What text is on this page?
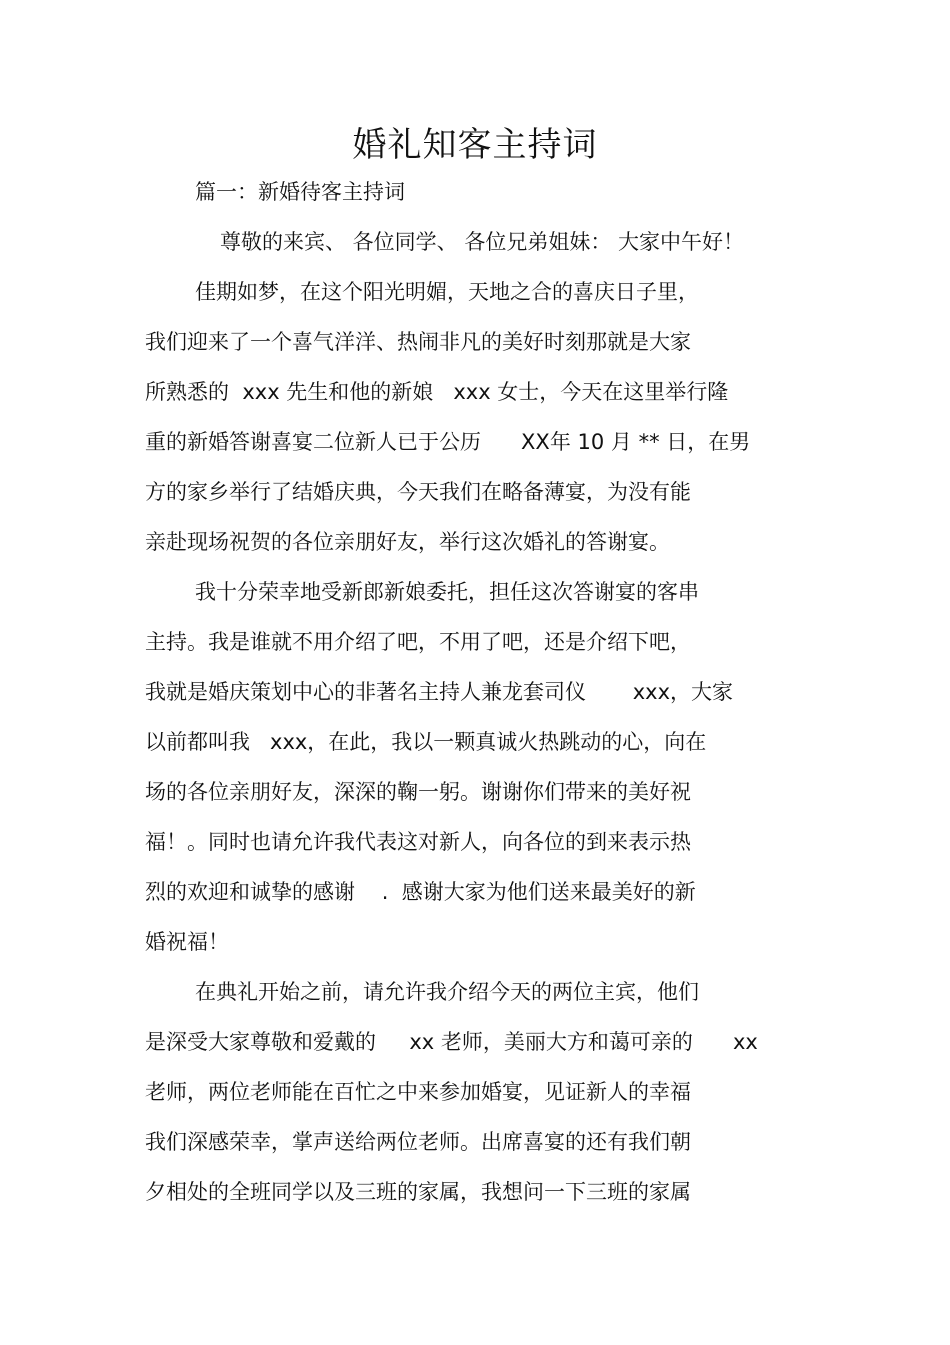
婚礼知客主持词
篇一：新婚待客主持词
尊敬的来宾、 各位同学、 各位兄弟姐妹： 大家中午好！
佳期如梦，在这个阳光明媚，天地之合的喜庆日子里，
我们迎来了一个喜气洋洋、热闹非凡的美好时刻那就是大家
所熟悉的  xxx 先生和他的新娘   xxx 女士，今天在这里举行隆
重的新婚答谢喜宴二位新人已于公历      XX年 10 月 ** 日，在男
方的家乡举行了结婚庆典，今天我们在略备薄宴，为没有能
亲赴现场祝贺的各位亲朋好友，举行这次婚礼的答谢宴。
我十分荣幸地受新郎新娘委托，担任这次答谢宴的客串
主持。我是谁就不用介绍了吧，不用了吧，还是介绍下吧，
我就是婚庆策划中心的非著名主持人兼龙套司仪       xxx，大家
以前都叫我   xxx，在此，我以一颗真诚火热跳动的心，向在
场的各位亲朋好友，深深的鞠一躬。谢谢你们带来的美好祝
福！。同时也请允许我代表这对新人，向各位的到来表示热
烈的欢迎和诚挚的感谢    .  感谢大家为他们送来最美好的新
婚祝福！
在典礼开始之前，请允许我介绍今天的两位主宾，他们
是深受大家尊敬和爱戴的     xx 老师，美丽大方和蔼可亲的      xx
老师，两位老师能在百忙之中来参加婚宴，见证新人的幸福
我们深感荣幸，掌声送给两位老师。出席喜宴的还有我们朝
夕相处的全班同学以及三班的家属，我想问一下三班的家属
